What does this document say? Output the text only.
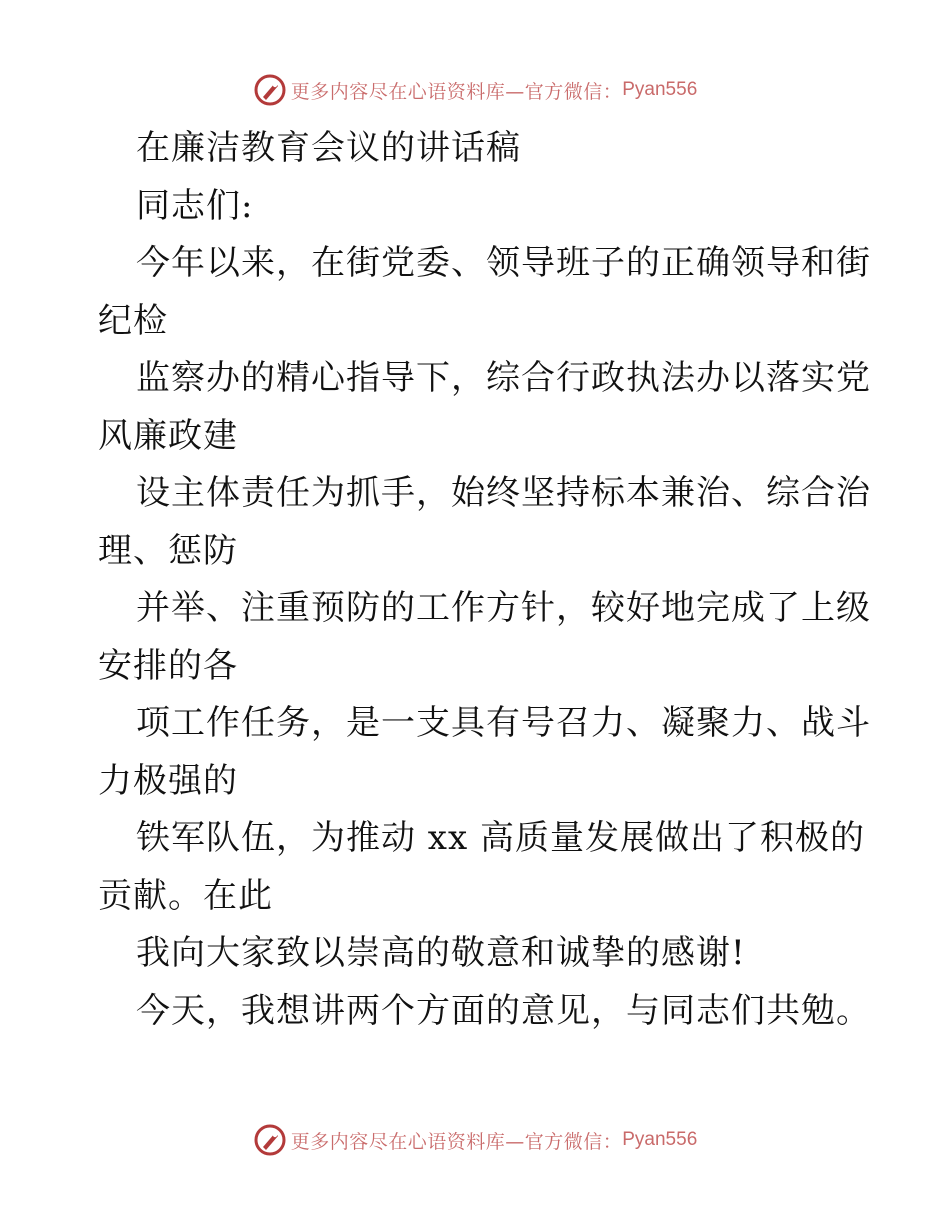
更多内容尽在心语资料库—官方微信： Pyan556
在廉洁教育会议的讲话稿
同志们:
今年以来，在街党委、领导班子的正确领导和街
纪检
监察办的精心指导下，综合行政执法办以落实党
风廉政建
设主体责任为抓手，始终坚持标本兼治、综合治
理、惩防
并举、注重预防的工作方针，较好地完成了上级
安排的各
项工作任务，是一支具有号召力、凝聚力、战斗
力极强的
铁军队伍，为推动 xx 高质量发展做出了积极的
贡献。在此
我向大家致以崇高的敬意和诚挚的感谢!
今天，我想讲两个方面的意见，与同志们共勉。
更多内容尽在心语资料库—官方微信： Pyan556
